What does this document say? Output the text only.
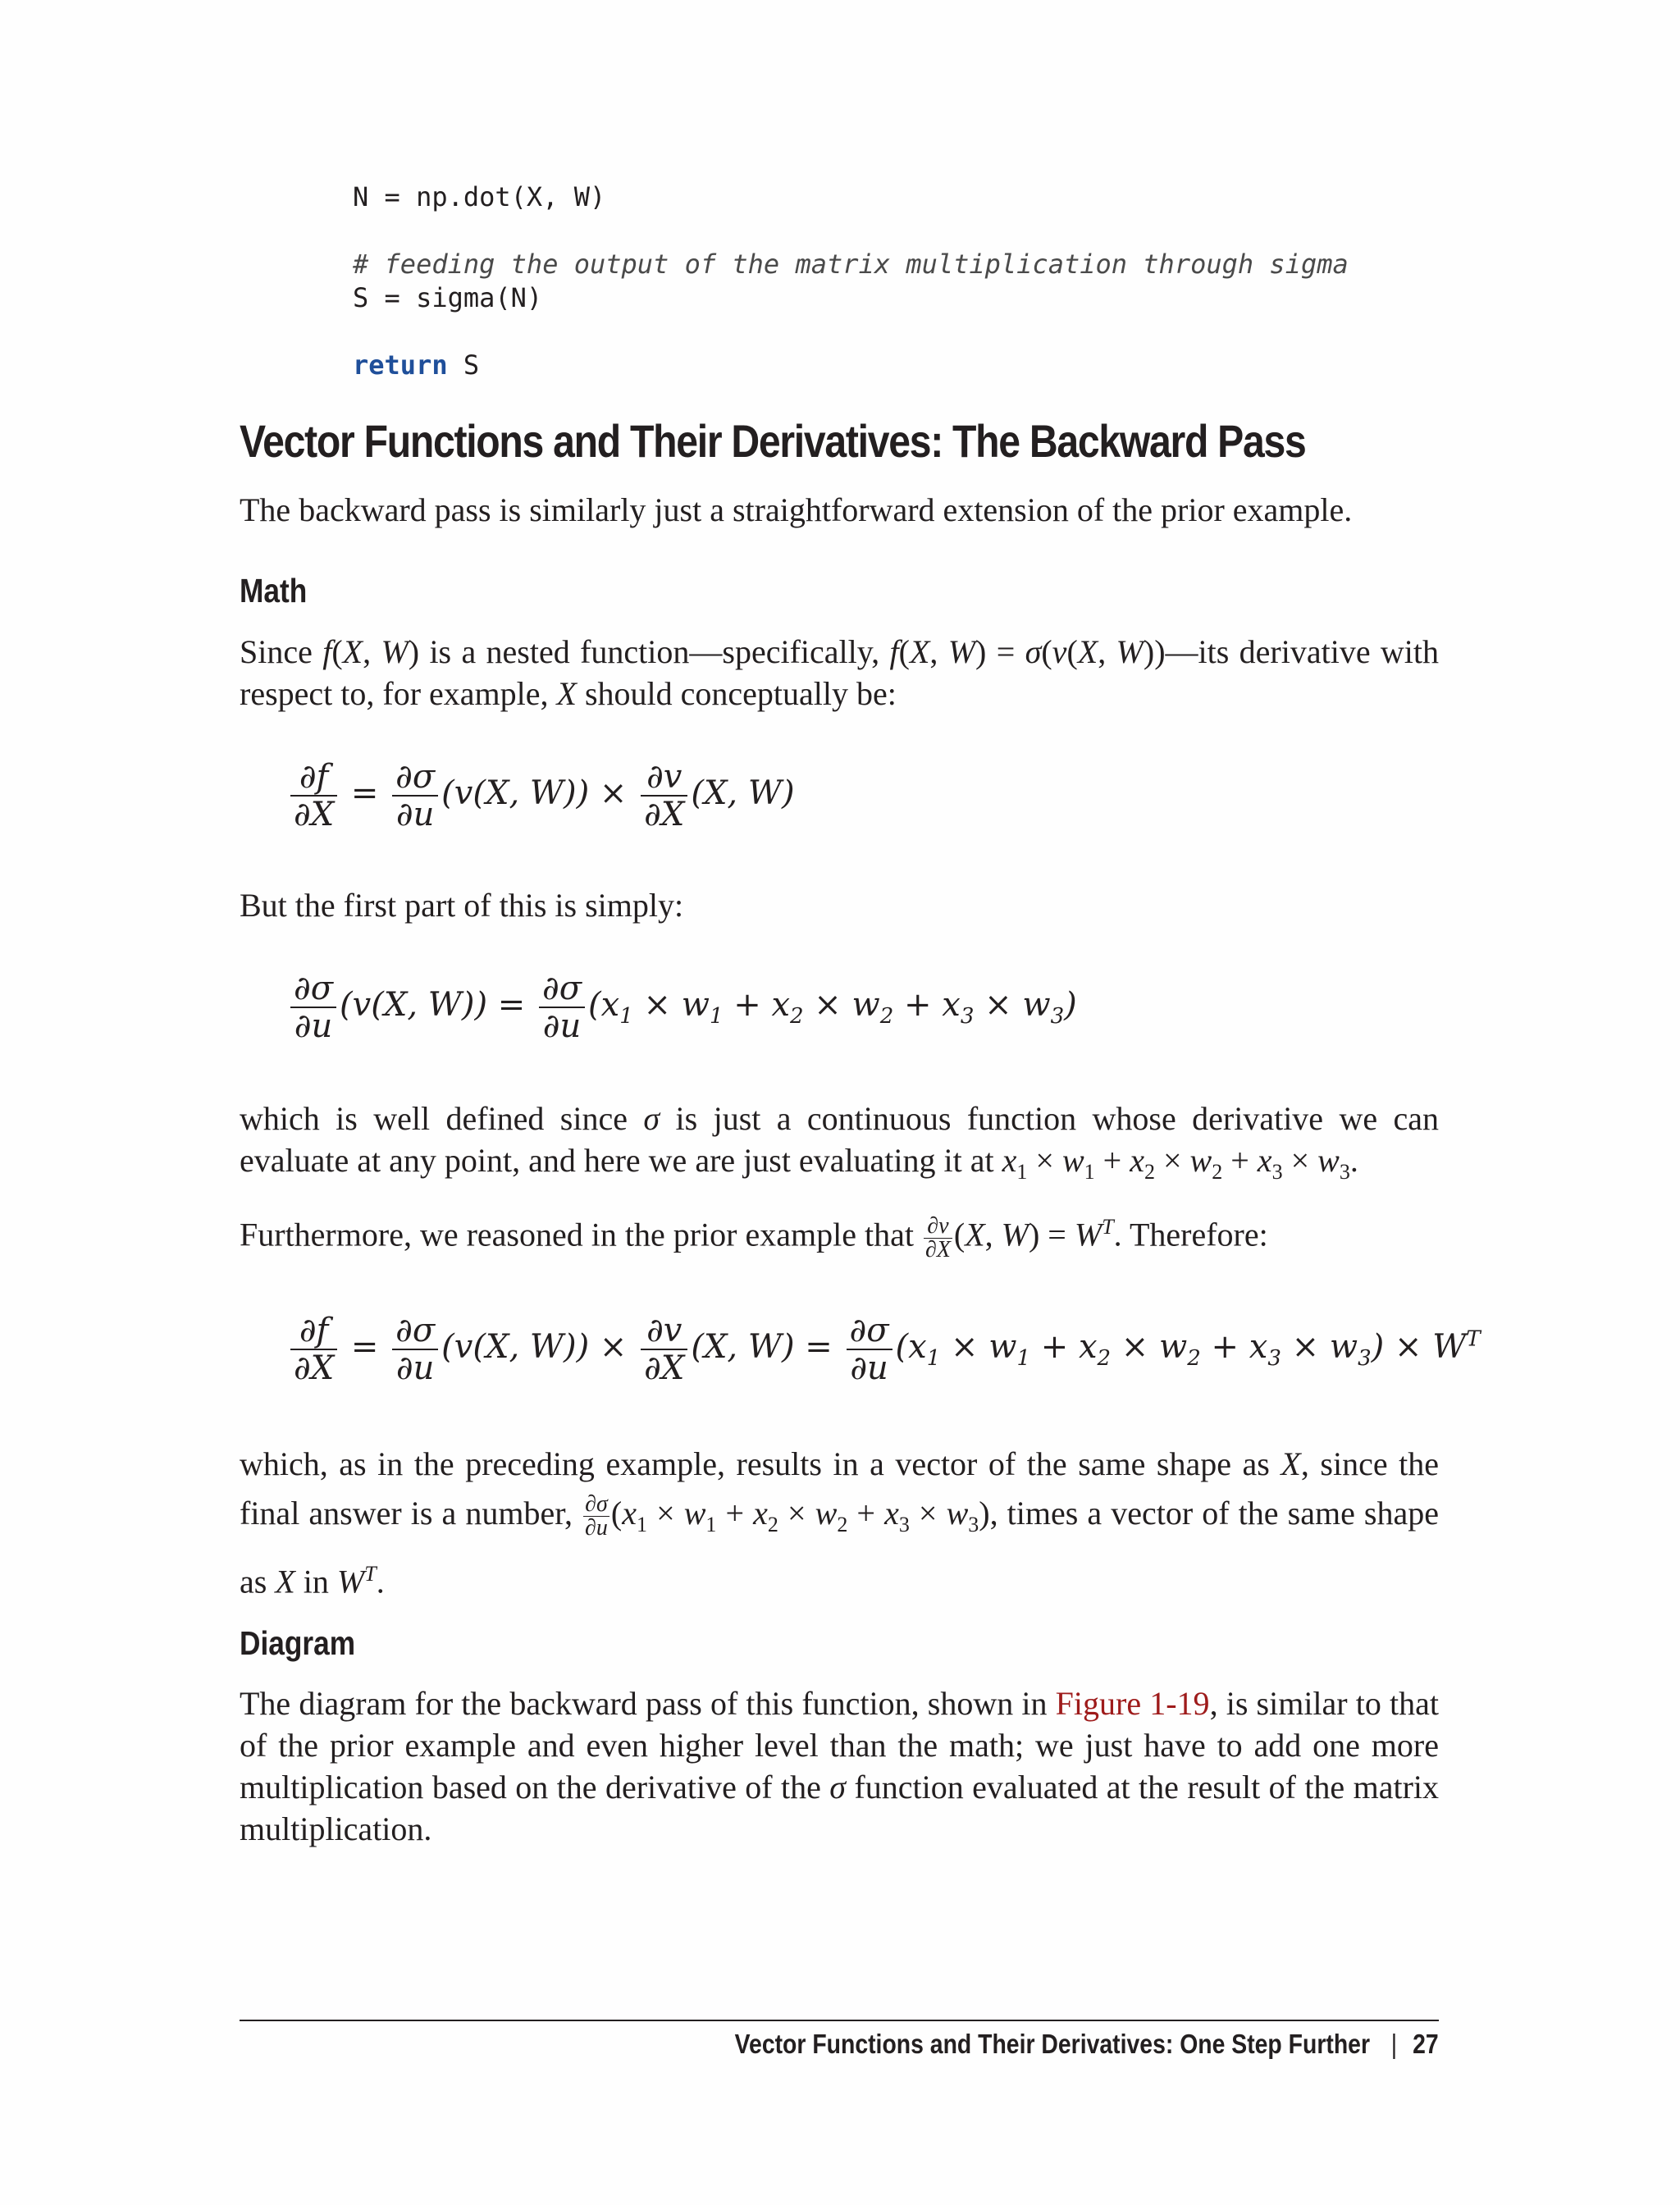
N = np.dot(X, W)
# feeding the output of the matrix multiplication through sigma
S = sigma(N)
return S
Vector Functions and Their Derivatives: The Backward Pass
The backward pass is similarly just a straightforward extension of the prior example.
Math
Since f(X, W) is a nested function—specifically, f(X, W) = σ(v(X, W))—its derivative with respect to, for example, X should conceptually be:
$\frac{\partial f}{\partial X} = \frac{\partial\sigma}{\partial u} (v(X$, $W)) \times \frac{\partial v}{\partial X} (X$, W)
But the first part of this is simply:
$\frac{\partial\sigma}{\partial u} (v(X$, $W)) = \frac{\partial\sigma}{\partial u} (x_1 \times w_1 + x_2 \times w_2 + x_3 \times w_3)$
which is well defined since σ is just a continuous function whose derivative we can evaluate at any point, and here we are just evaluating it at $x_1 \times w_1 + x_2 \times w_2 + x_3 \times w_3$.
Furthermore, we reasoned in the prior example that $\frac{\partial v}{\partial X} (X$, $W) = W^T$. Therefore:
$\frac{\partial f}{\partial X} = \frac{\partial\sigma}{\partial u} (v(X$, $W)) \times \frac{\partial v}{\partial X} (X$, $W) = \frac{\partial\sigma}{\partial u} (x_1 \times w_1 + x_2 \times w_2 + x_3 \times w_3) \times W^T$
which, as in the preceding example, results in a vector of the same shape as X, since the final answer is a number, $\frac{\partial\sigma}{\partial u} (x_1 \times w_1 + x_2 \times w_2 + x_3 \times w_3)$, times a vector of the same shape as X in $W^T$.
Diagram
The diagram for the backward pass of this function, shown in Figure 1-19, is similar to that of the prior example and even higher level than the math; we just have to add one more multiplication based on the derivative of the σ function evaluated at the result of the matrix multiplication.
Vector Functions and Their Derivatives: One Step Further | 27
